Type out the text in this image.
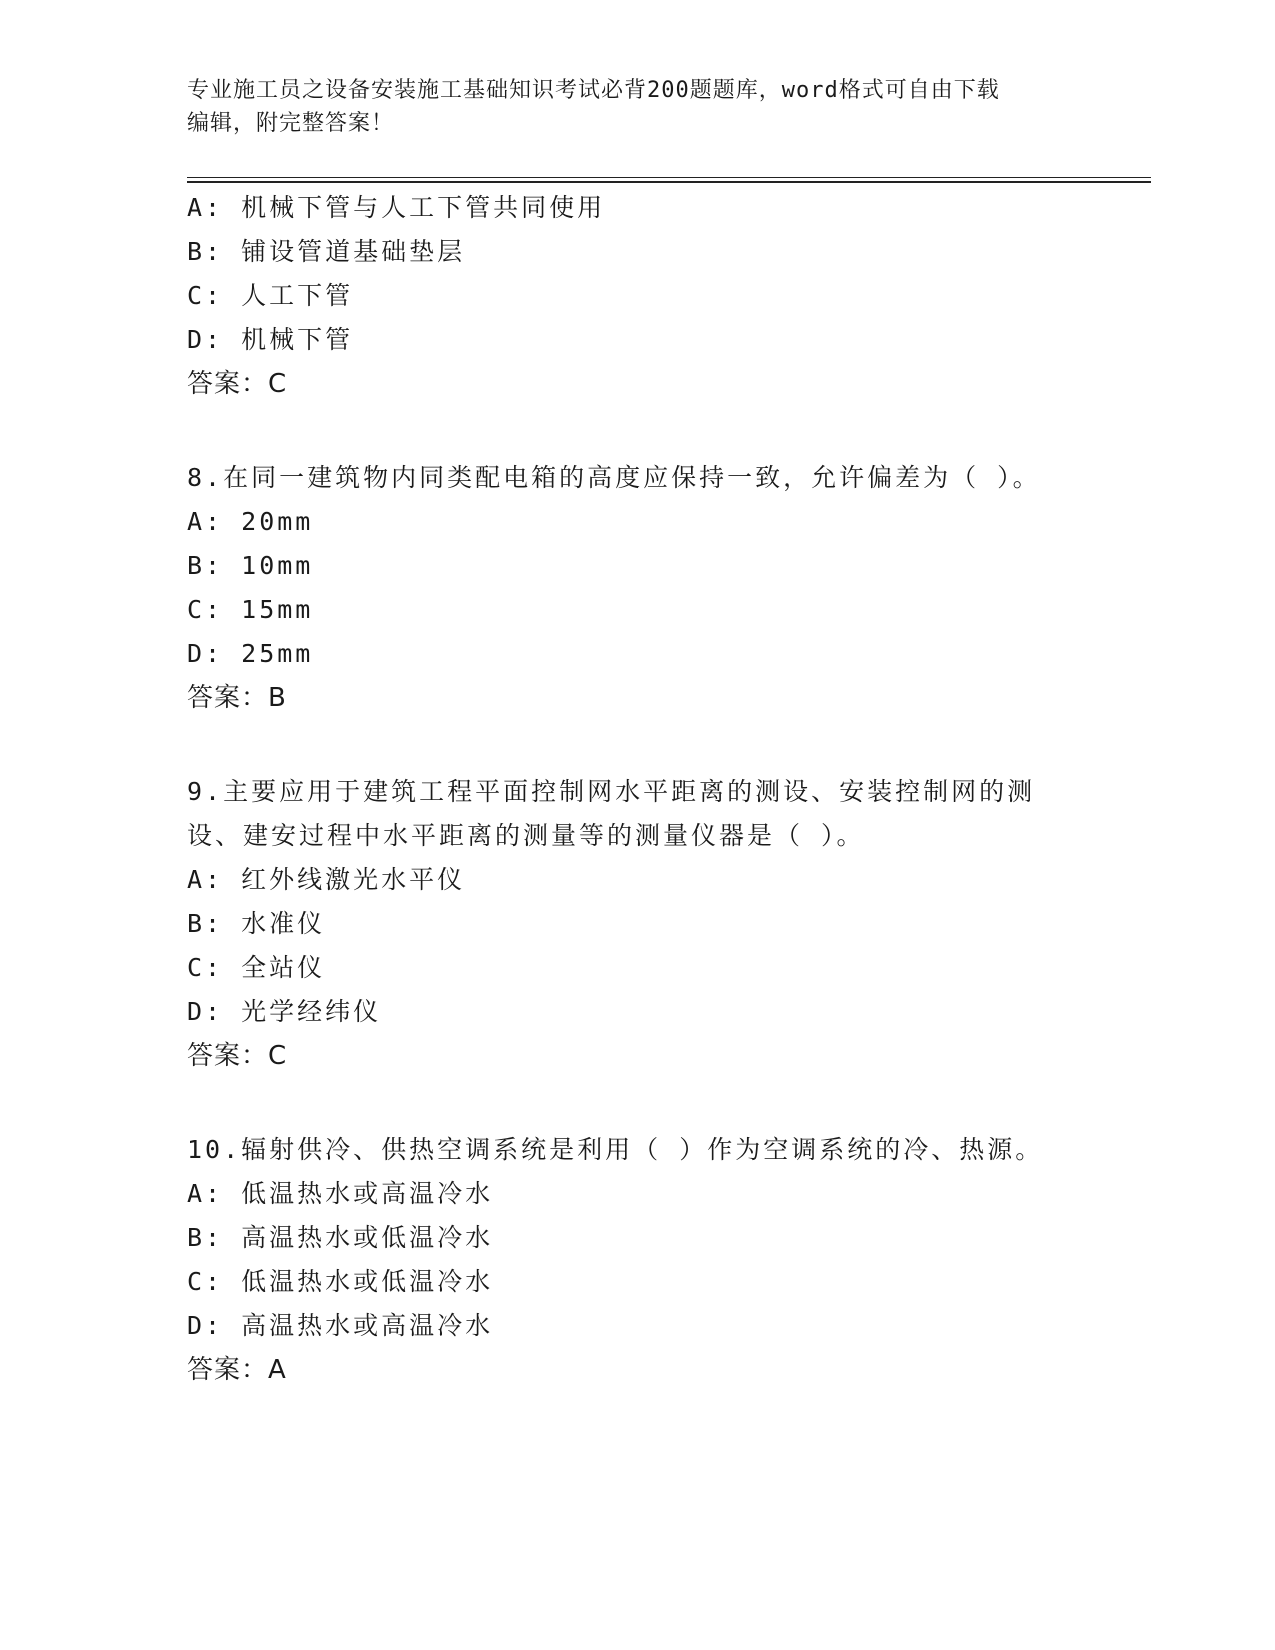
专业施工员之设备安装施工基础知识考试必背200题题库，word格式可自由下载
编辑，附完整答案！
A: 机械下管与人工下管共同使用
B: 铺设管道基础垫层
C: 人工下管
D: 机械下管
答案：C
8.在同一建筑物内同类配电箱的高度应保持一致，允许偏差为（ ）。
A: 20mm
B: 10mm
C: 15mm
D: 25mm
答案：B
9.主要应用于建筑工程平面控制网水平距离的测设、安装控制网的测
设、建安过程中水平距离的测量等的测量仪器是（ ）。
A: 红外线激光水平仪
B: 水准仪
C: 全站仪
D: 光学经纬仪
答案：C
10.辐射供冷、供热空调系统是利用（ ）作为空调系统的冷、热源。
A: 低温热水或高温冷水
B: 高温热水或低温冷水
C: 低温热水或低温冷水
D: 高温热水或高温冷水
答案：A
